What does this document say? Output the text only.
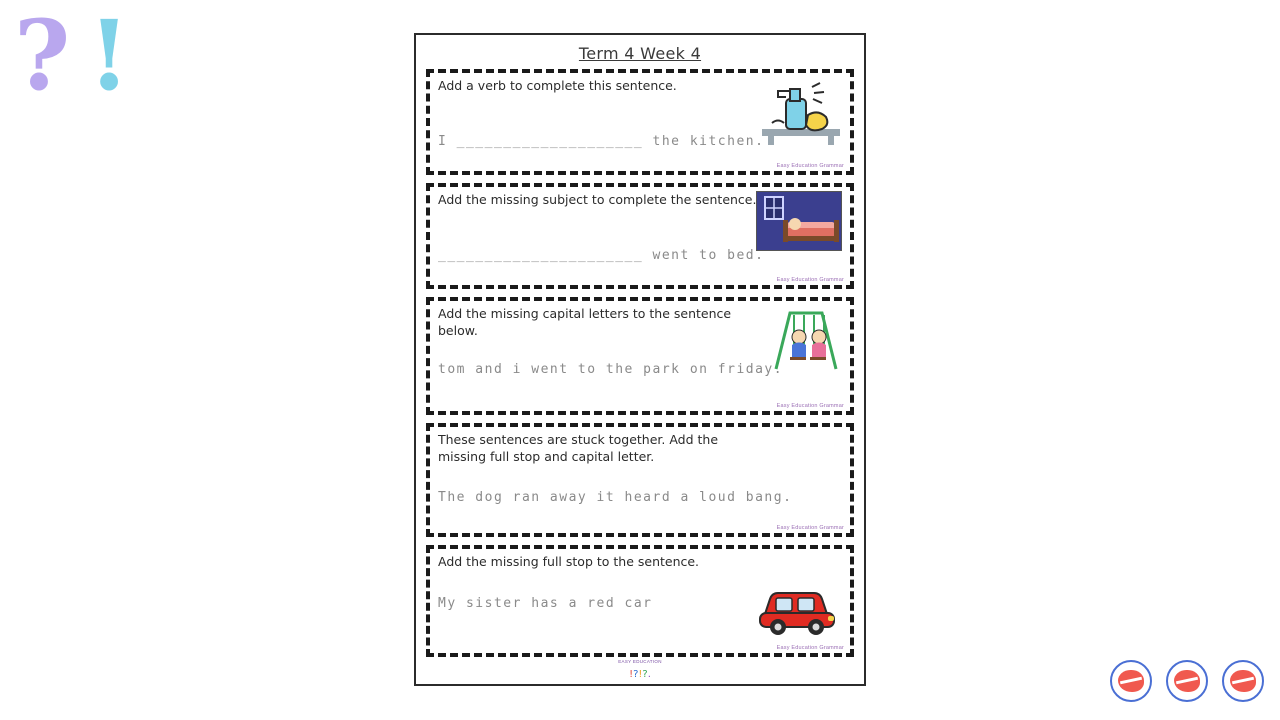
? !	Term 4 Week 4
Add a verb to complete this sentence.
I ____________________ the kitchen.
Easy Education Grammar
Add the missing subject to complete the sentence.
______________________ went to bed.
Easy Education Grammar
Add the missing capital letters to the sentence below.
tom and i went to the park on friday.
Easy Education Grammar
These sentences are stuck together. Add the missing full stop and capital letter.
The dog ran away it heard a loud bang.
Easy Education Grammar
Add the missing full stop to the sentence.
My sister has a red car
Easy Education Grammar
EASY EDUCATION
!?!?.
